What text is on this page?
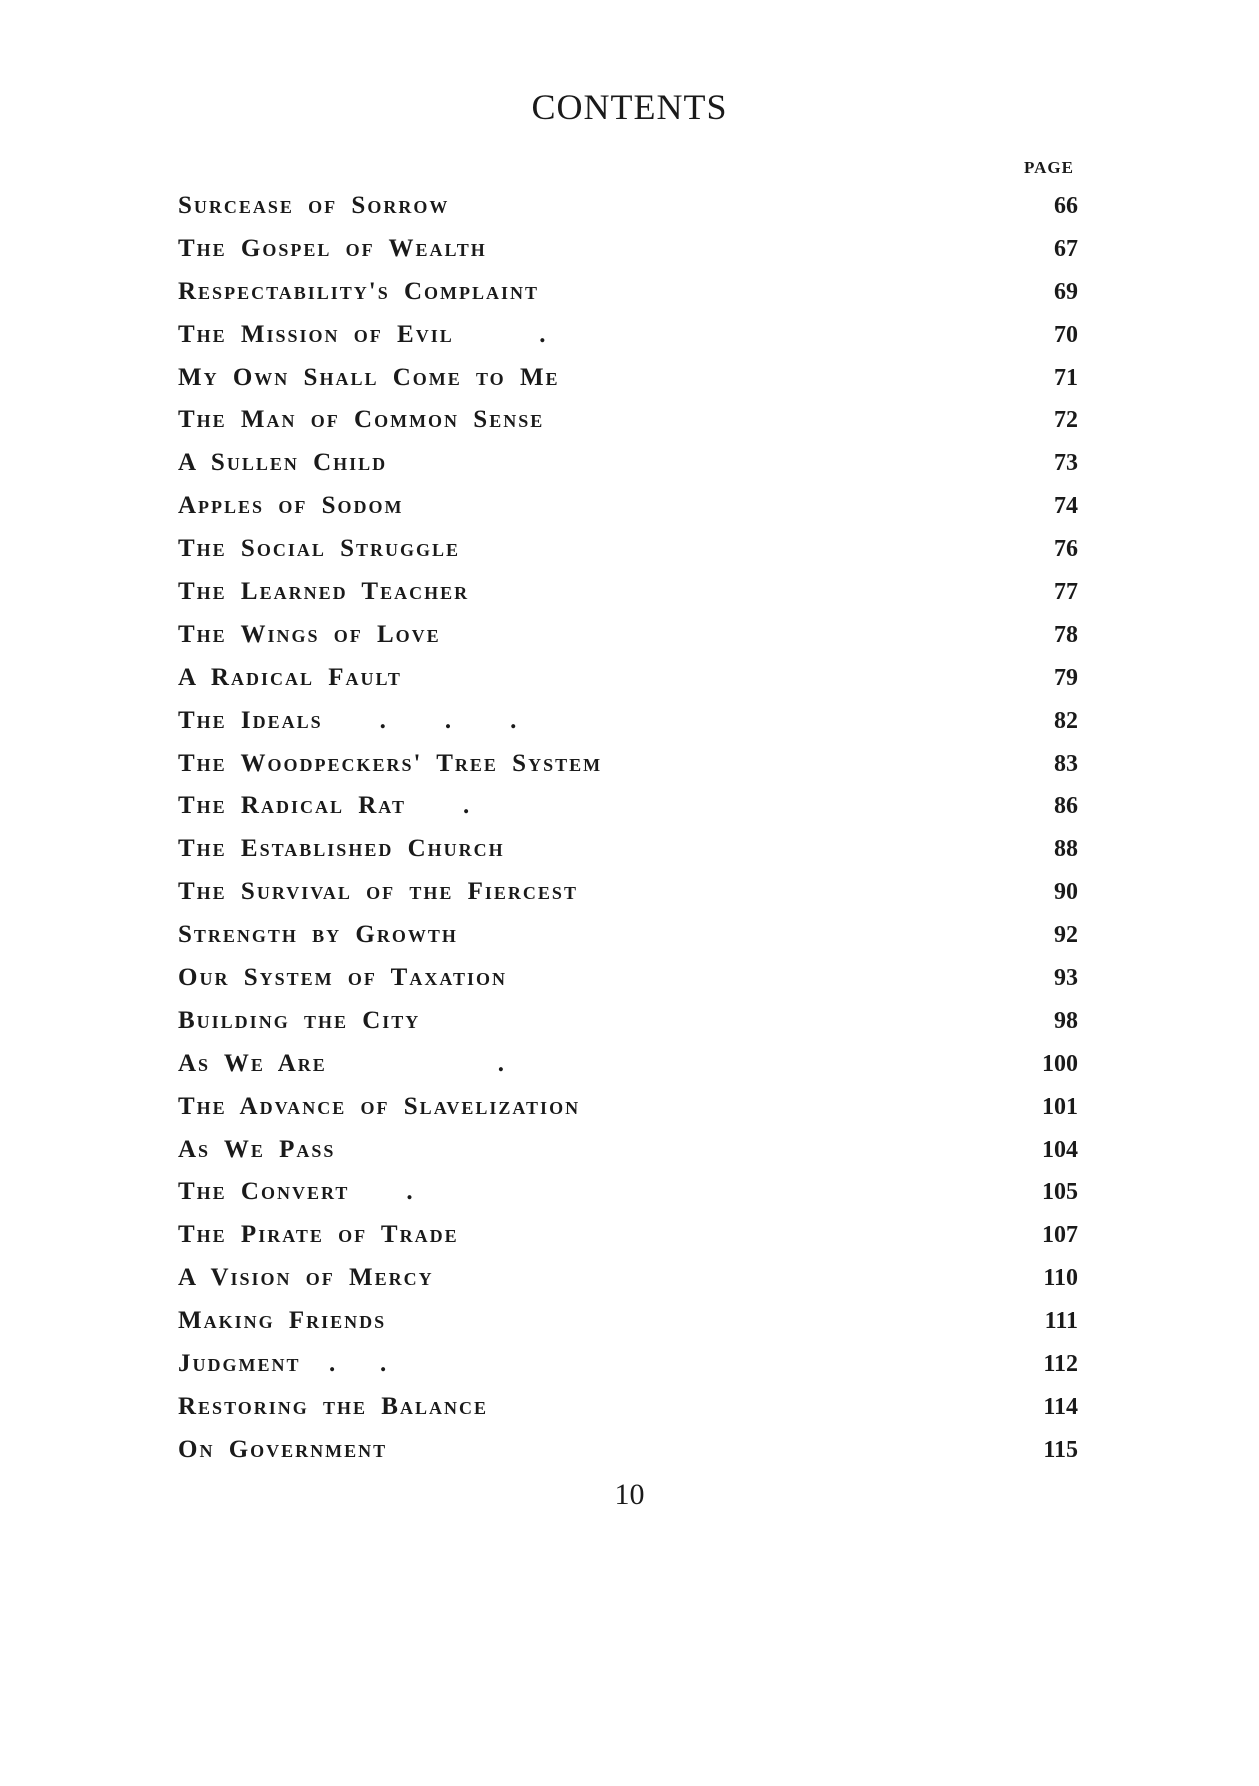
CONTENTS
PAGE
Surcease of Sorrow	66
The Gospel of Wealth	67
Respectability's Complaint	69
The Mission of Evil      .	70
My Own Shall Come to Me	71
The Man of Common Sense	72
A Sullen Child	73
Apples of Sodom	74
The Social Struggle	76
The Learned Teacher	77
The Wings of Love	78
A Radical Fault	79
The Ideals    .    .    .	82
The Woodpeckers' Tree System	83
The Radical Rat    .	86
The Established Church	88
The Survival of the Fiercest	90
Strength by Growth	92
Our System of Taxation	93
Building the City	98
As We Are            .	100
The Advance of Slavelization	101
As We Pass	104
The Convert    .	105
The Pirate of Trade	107
A Vision of Mercy	110
Making Friends	111
Judgment  .   .	112
Restoring the Balance	114
On Government	115
10
